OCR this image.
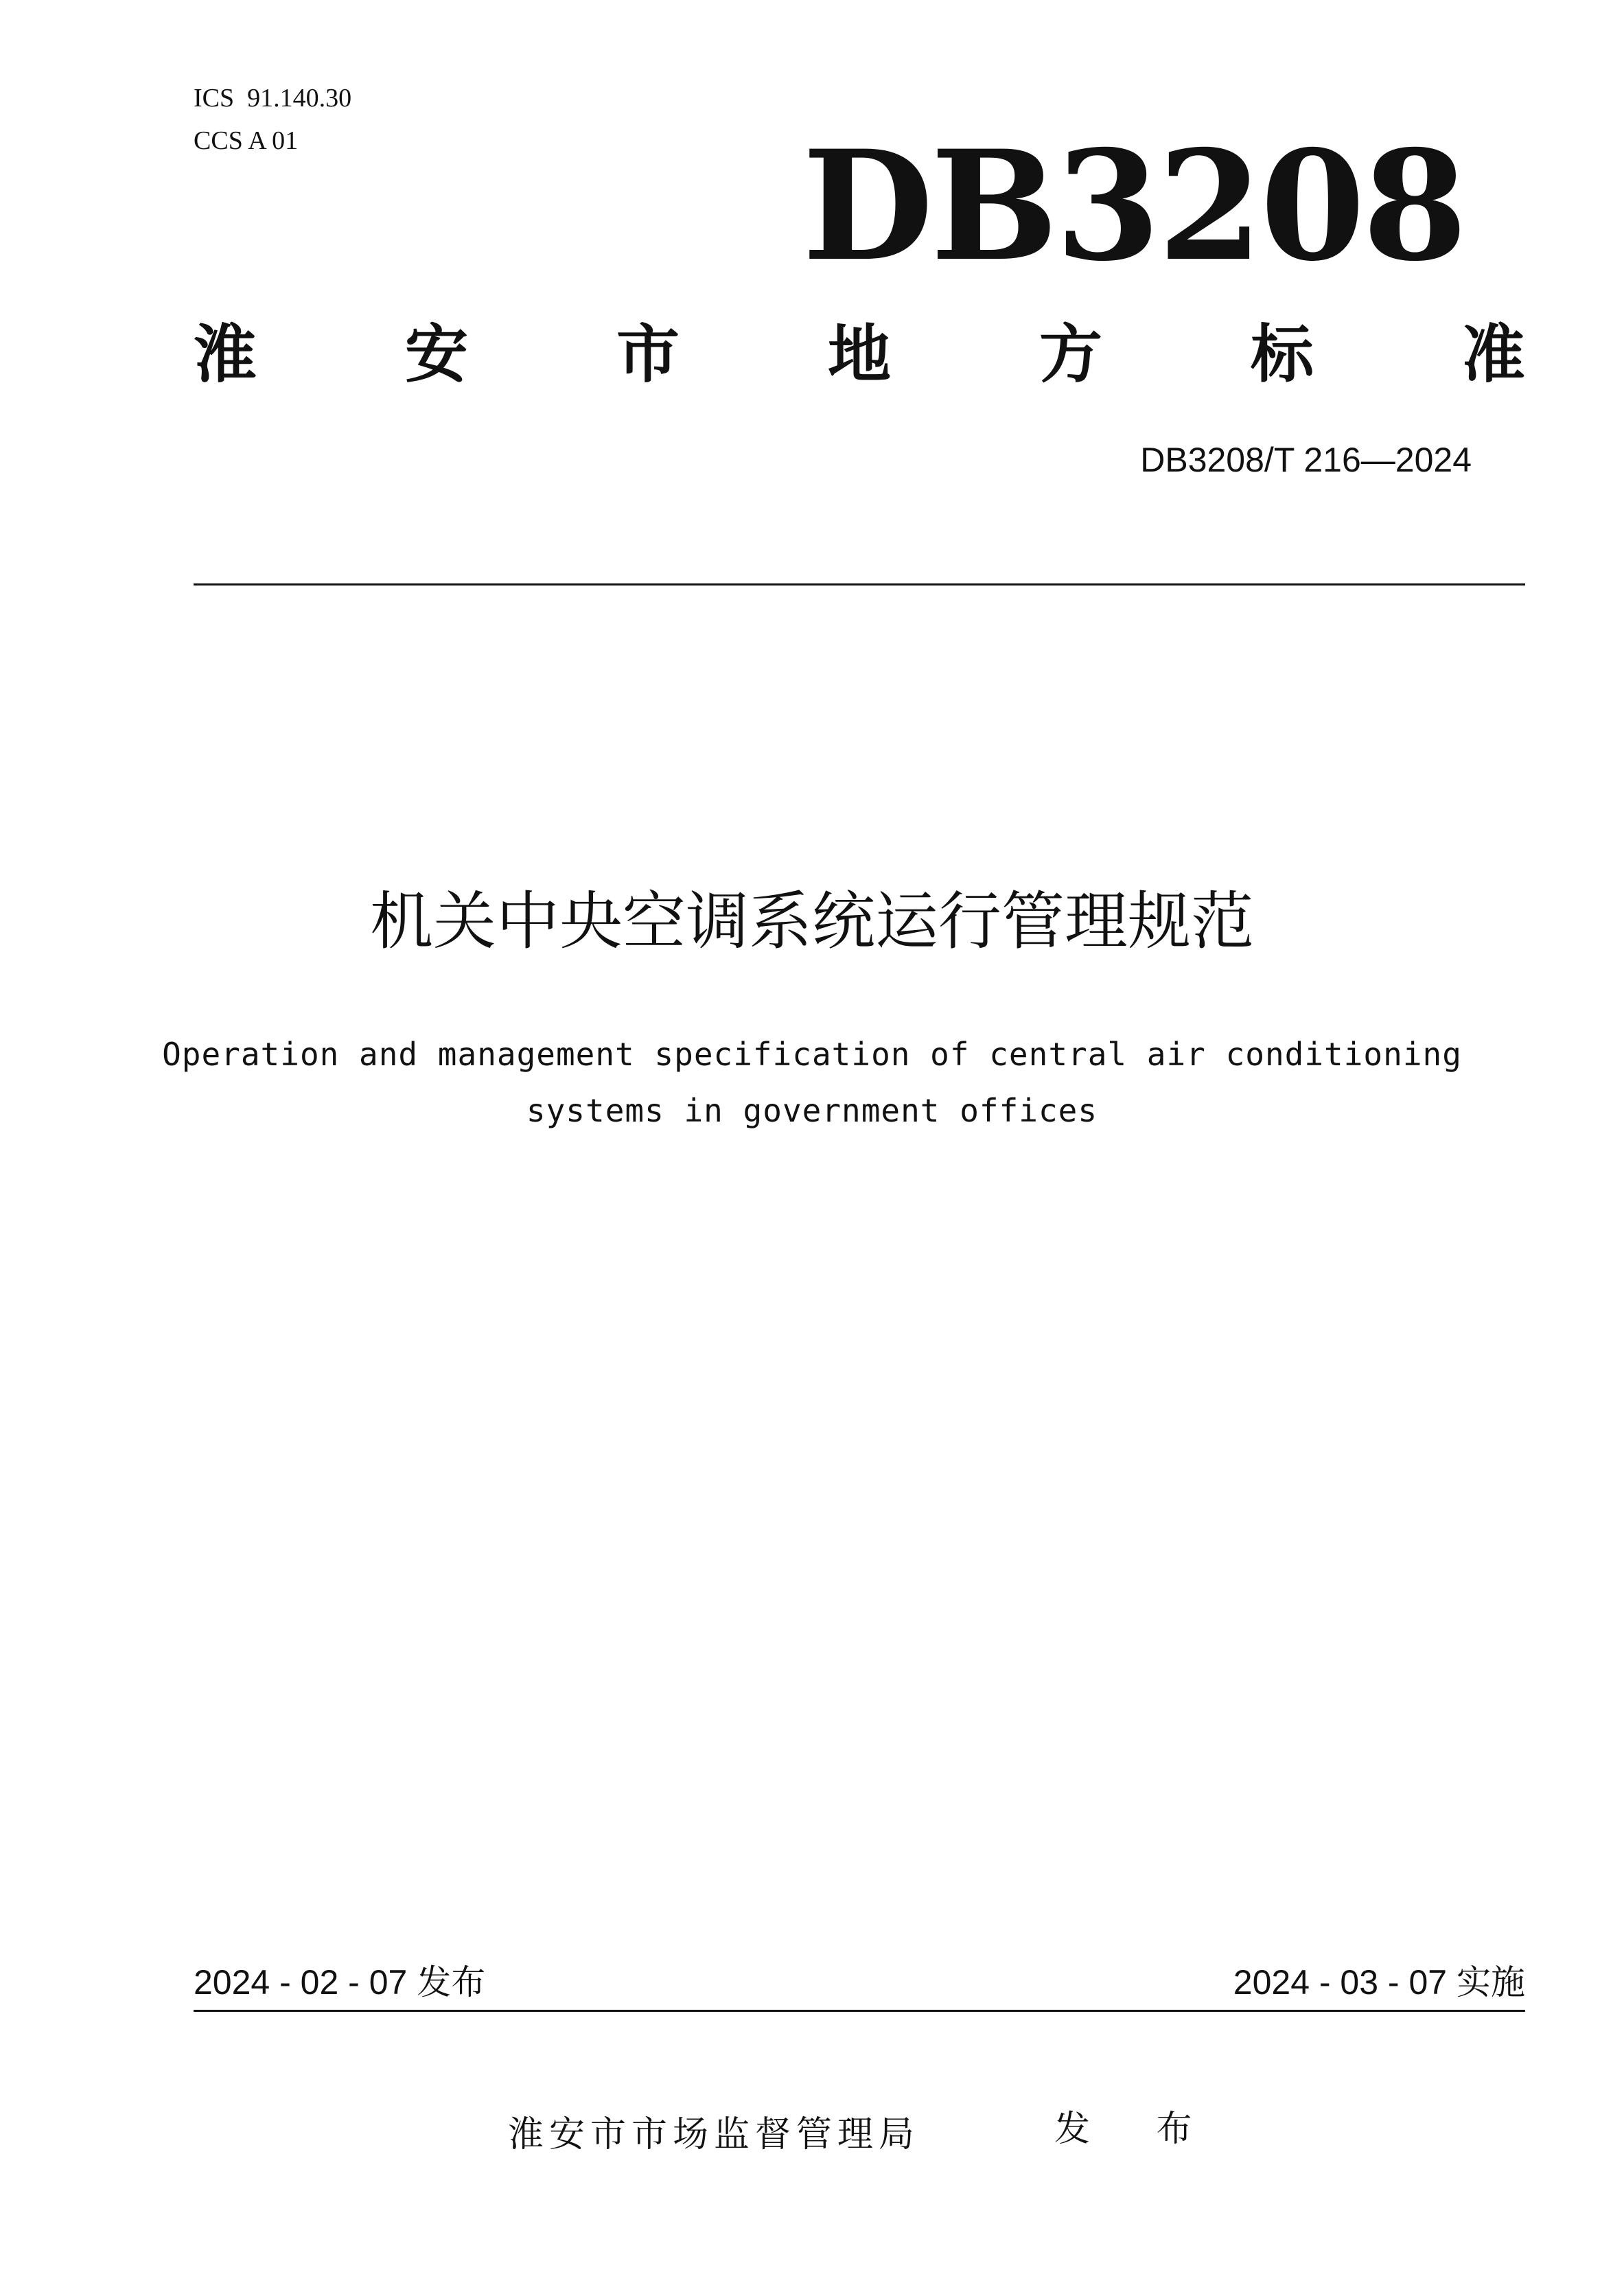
ICS  91.140.30
CCS A 01	DB3208
淮 安 市 地 方 标 准
DB3208/T 216—2024
机关中央空调系统运行管理规范
Operation and management specification of central air conditioning
systems in government offices
2024 - 02 - 07 发布	2024 - 03 - 07 实施
淮安市市场监督管理局	发 布
